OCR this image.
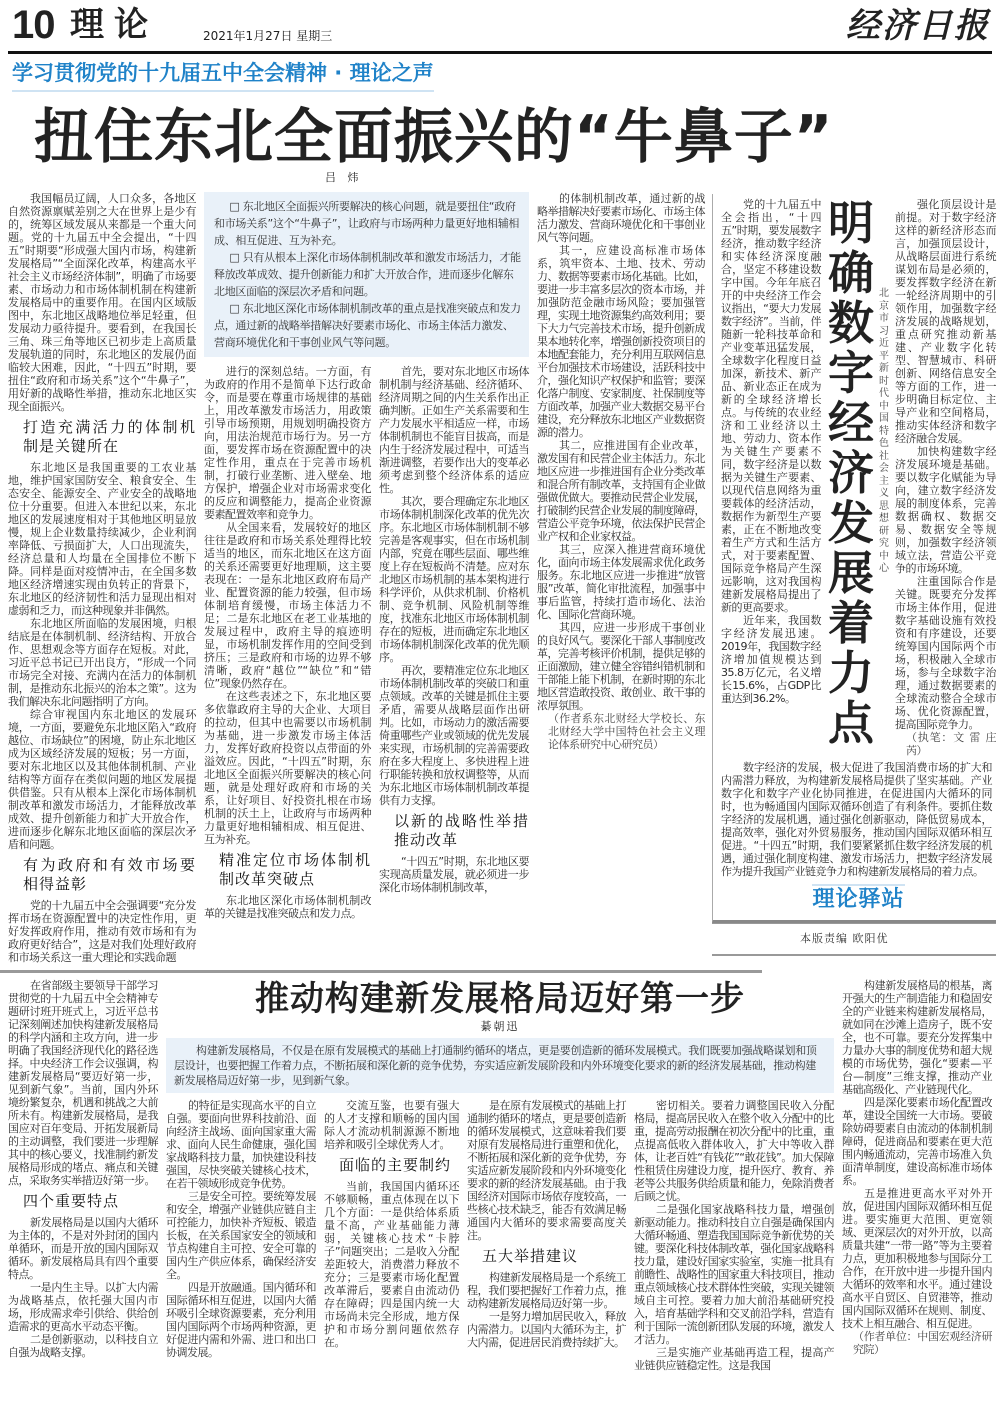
10 理论	2021年1月27日 星期三	经济日报
学习贯彻党的十九届五中全会精神 · 理论之声
扭住东北全面振兴的“牛鼻子”
吕 炜

我国幅员辽阔，人口众多，各地区自然资源禀赋差别之大在世界上是少有的，统筹区域发展从来都是一个重大问题。党的十九届五中全会提出，“十四五”时期要“形成强大国内市场，构建新发展格局”“全面深化改革，构建高水平社会主义市场经济体制”，明确了市场要素、市场动力和市场体制机制在构建新发展格局中的重要作用。在国内区域版图中，东北地区战略地位举足轻重，但发展动力亟待提升。要看到，在我国长三角、珠三角等地区已初步走上高质量发展轨道的同时，东北地区的发展仍面临较大困难，因此，“十四五”时期，要扭住“政府和市场关系”这个“牛鼻子”，用好新的战略性举措，推动东北地区实现全面振兴。

打造充满活力的体制机制是关键所在

东北地区是我国重要的工农业基地，维护国家国防安全、粮食安全、生态安全、能源安全、产业安全的战略地位十分重要。但进入本世纪以来，东北地区的发展速度相对于其他地区明显放慢，规上企业数量持续减少，企业利润率降低、亏损面扩大，人口出现流失，经济总量和人均量在全国排位不断下降。同样是面对疫情冲击，在全国多数地区经济增速实现由负转正的背景下，东北地区的经济韧性和活力显现出相对虚弱和乏力，而这种现象并非偶然。

东北地区所面临的发展困境，归根结底是在体制机制、经济结构、开放合作、思想观念等方面存在短板。对此，习近平总书记已开出良方，“形成一个同市场完全对接、充满内在活力的体制机制，是推动东北振兴的治本之策”。这为我们解决东北问题指明了方向。

综合审视国内东北地区的发展环境，一方面，要避免东北地区陷入“政府越位、市场缺位”的困境，防止东北地区成为区域经济发展的短板；另一方面，要对东北地区以及其他体制机制、产业结构等方面存在类似问题的地区发展提供借鉴。只有从根本上深化市场体制机制改革和激发市场活力，才能释放改革成效、提升创新能力和扩大开放合作，进而逐步化解东北地区面临的深层次矛盾和问题。

有为政府和有效市场要相得益彰

党的十九届五中全会强调要“充分发挥市场在资源配置中的决定性作用，更好发挥政府作用，推动有效市场和有为政府更好结合”，这是对我们处理好政府和市场关系这一重大理论和实践命题

□ 东北地区全面振兴所要解决的核心问题，就是要扭住“政府和市场关系”这个“牛鼻子”，让政府与市场两种力量更好地相辅相成、相互促进、互为补充。

□ 只有从根本上深化市场体制机制改革和激发市场活力，才能释放改革成效、提升创新能力和扩大开放合作，进而逐步化解东北地区面临的深层次矛盾和问题。

□ 东北地区深化市场体制机制改革的重点是找准突破点和发力点，通过新的战略举措解决好要素市场化、市场主体活力激发、营商环境优化和干事创业风气等问题。

进行的深刻总结。一方面，有为政府的作用不是简单下达行政命令，而是要在尊重市场规律的基础上，用改革激发市场活力，用政策引导市场预期，用规划明确投资方向，用法治规范市场行为。另一方面，要发挥市场在资源配置中的决定性作用，重点在于完善市场机制，打破行业垄断、进入壁垒、地方保护，增强企业对市场需求变化的反应和调整能力，提高企业资源要素配置效率和竞争力。

从全国来看，发展较好的地区往往是政府和市场关系处理得比较适当的地区，而东北地区在这方面的关系还需要更好地理顺，这主要表现在：一是东北地区政府布局产业、配置资源的能力较强，但市场体制培育缓慢，市场主体活力不足；二是东北地区在老工业基地的发展过程中，政府主导的痕迹明显，市场机制发挥作用的空间受到挤压；三是政府和市场的边界不够清晰，政府“越位”“缺位”和“错位”现象仍然存在。

在这些表述之下，东北地区要多依靠政府主导的大企业、大项目的拉动，但其中也需要以市场机制为基础，进一步激发市场主体活力，发挥好政府投资以点带面的外溢效应。因此，“十四五”时期，东北地区全面振兴所要解决的核心问题，就是处理好政府和市场的关系，让好项目、好投资扎根在市场机制的沃土上，让政府与市场两种力量更好地相辅相成、相互促进、互为补充。

精准定位市场体制机制改革突破点

东北地区深化市场体制机制改革的关键是找准突破点和发力点。

首先，要对东北地区市场体制机制与经济基础、经济循环、经济周期之间的内生关系作出正确判断。正如生产关系需要和生产力发展水平相适应一样，市场体制机制也不能盲目拔高，而是内生于经济发展过程中，可适当渐进调整，若要作出大的变革必须考虑到整个经济体系的适应性。

其次，要合理确定东北地区市场体制机制深化改革的优先次序。东北地区市场体制机制不够完善是客观事实，但在市场机制内部，究竟在哪些层面、哪些维度上存在短板尚不清楚。应对东北地区市场机制的基本架构进行科学评价，从供求机制、价格机制、竞争机制、风险机制等维度，找准东北地区市场体制机制存在的短板，进而确定东北地区市场体制机制深化改革的优先顺序。

再次，要精准定位东北地区市场体制机制改革的突破口和重点领域。改革的关键是抓住主要矛盾，需要从战略层面作出研判。比如，市场动力的激活需要倚重哪些产业或领域的优先发展来实现，市场机制的完善需要政府在多大程度上、多快进程上进行职能转换和放权调整等，从而为东北地区市场体制机制改革提供有力支撑。

以新的战略性举措推动改革

“十四五”时期，东北地区要实现高质量发展，就必须进一步深化市场体制机制改革，

的体制机制改革，通过新的战略举措解决好要素市场化、市场主体活力激发、营商环境优化和干事创业风气等问题。

其一，应建设高标准市场体系，筑牢资本、土地、技术、劳动力、数据等要素市场化基础。比如，要进一步丰富多层次的资本市场，并加强防范金融市场风险；要加强管理，实现土地资源集约高效利用；要下大力气完善技术市场，提升创新成果本地转化率，增强创新投资项目的本地配套能力，充分利用互联网信息平台加强技术市场建设，活跃科技中介，强化知识产权保护和监管；要深化落户制度、安家制度、社保制度等方面改革，加强产业大数据交易平台建设，充分释放东北地区产业数据资源的潜力。

其二，应推进国有企业改革，激发国有和民营企业主体活力。东北地区应进一步推进国有企业分类改革和混合所有制改革，支持国有企业做强做优做大。要推动民营企业发展，打破制约民营企业发展的制度障碍，营造公平竞争环境，依法保护民营企业产权和企业家权益。

其三，应深入推进营商环境优化，面向市场主体发展需求优化政务服务。东北地区应进一步推进“放管服”改革，简化审批流程，加强事中事后监管，持续打造市场化、法治化、国际化营商环境。

其四，应进一步形成干事创业的良好风气。要深化干部人事制度改革，完善考核评价机制，提供足够的正面激励，建立健全容错纠错机制和干部能上能下机制，在新时期的东北地区营造敢投资、敢创业、敢干事的浓厚氛围。

（作者系东北财经大学校长、东北财经大学中国特色社会主义理论体系研究中心研究员）

党的十九届五中全会指出，“十四五”时期，要发展数字经济，推动数字经济和实体经济深度融合，坚定不移建设数字中国。今年年底召开的中央经济工作会议指出，“要大力发展数字经济”。当前，伴随新一轮科技革命和产业变革迅猛发展，全球数字化程度日益加深，新技术、新产品、新业态正在成为新的全球经济增长点。与传统的农业经济和工业经济以土地、劳动力、资本作为关键生产要素不同，数字经济是以数据为关键生产要素、以现代信息网络为重要载体的经济活动，数据作为新型生产要素，正在不断地改变着生产方式和生活方式，对于要素配置、国际竞争格局产生深远影响，这对我国构建新发展格局提出了新的更高要求。

近年来，我国数字经济发展迅速。2019年，我国数字经济增加值规模达到35.8万亿元，名义增长15.6%，占GDP比重达到36.2%。

明确数字经济发展着力点
北京市习近平新时代中国特色社会主义思想研究中心

强化顶层设计是前提。对于数字经济这样的新经济形态而言，加强顶层设计，从战略层面进行系统谋划布局是必须的，要发挥数字经济在新一轮经济周期中的引领作用，加强数字经济发展的战略规划，重点研究推动新基建、产业数字化转型、智慧城市、科研创新、网络信息安全等方面的工作，进一步明确目标定位、主导产业和空间格局，推动实体经济和数字经济融合发展。

加快构建数字经济发展环境是基础。要以数字化赋能为导向，建立数字经济发展的制度体系，完善数据确权、数据交易、数据安全等规则，加强数字经济领域立法，营造公平竞争的市场环境。

注重国际合作是关键。既要充分发挥市场主体作用，促进数字基础设施有效投资和有序建设，还要统筹国内国际两个市场，积极融入全球市场，参与全球数字治理，通过数据要素的全球流动整合全球市场、优化资源配置，提高国际竞争力。

（执笔：文 雷 庄 芮）

数字经济的发展，极大促进了我国消费市场的扩大和内需潜力释放，为构建新发展格局提供了坚实基础。产业数字化和数字产业化协同推进，在促进国内大循环的同时，也为畅通国内国际双循环创造了有利条件。要抓住数字经济的发展机遇，通过强化创新驱动，降低贸易成本，提高效率，强化对外贸易服务，推动国内国际双循环相互促进。“十四五”时期，我们要紧紧抓住数字经济发展的机遇，通过强化制度构建、激发市场活力，把数字经济发展作为提升我国产业链竞争力和构建新发展格局的着力点。

理论驿站
本版责编 欧阳优

在省部级主要领导干部学习贯彻党的十九届五中全会精神专题研讨班开班式上，习近平总书记深刻阐述加快构建新发展格局的科学内涵和主攻方向，进一步明确了我国经济现代化的路径选择。中央经济工作会议强调，构建新发展格局“要迈好第一步，见到新气象”。当前，国内外环境纷繁复杂，机遇和挑战之大前所未有。构建新发展格局，是我国应对百年变局、开拓发展新局的主动调整，我们要进一步理解其中的核心要义，找准制约新发展格局形成的堵点、痛点和关键点，采取务实举措迈好第一步。

四个重要特点

新发展格局是以国内大循环为主体的，不是对外封闭的国内单循环，而是开放的国内国际双循环。新发展格局具有四个重要特点。

一是内生主导。以扩大内需为战略基点，依托强大国内市场，形成需求牵引供给、供给创造需求的更高水平动态平衡。

二是创新驱动，以科技自立自强为战略支撑。

推动构建新发展格局迈好第一步
綦朝迅

构建新发展格局，不仅是在原有发展模式的基础上打通制约循环的堵点，更是要创造新的循环发展模式。我们既要加强战略谋划和顶层设计，也要把握工作着力点，不断拓展和深化新的竞争优势，夯实适应新发展阶段和内外环境变化要求的新的经济发展基础，推动构建新发展格局迈好第一步，见到新气象。

的特征是实现高水平的自立自强。要面向世界科技前沿、面向经济主战场、面向国家重大需求、面向人民生命健康，强化国家战略科技力量，加快建设科技强国，尽快突破关键核心技术，在若干领域形成竞争优势。

三是安全可控。要统筹发展和安全，增强产业链供应链自主可控能力，加快补齐短板、锻造长板，在关系国家安全的领域和节点构建自主可控、安全可靠的国内生产供应体系，确保经济安全。

四是开放融通。国内循环和国际循环相互促进，以国内大循环吸引全球资源要素，充分利用国内国际两个市场两种资源，更好促进内需和外需、进口和出口协调发展。

交流互鉴，也要有强大的人才支撑和顺畅的国内国际人才流动机制源源不断地培养和吸引全球优秀人才。

面临的主要制约

当前，我国国内循环还不够顺畅，重点体现在以下几个方面：一是供给体系质量不高，产业基础能力薄弱，关键核心技术“卡脖子”问题突出；二是收入分配差距较大，消费潜力释放不充分；三是要素市场化配置改革滞后，要素自由流动仍存在障碍；四是国内统一大市场尚未完全形成，地方保护和市场分割问题依然存在。

是在原有发展模式的基础上打通制约循环的堵点，更是要创造新的循环发展模式，这意味着我们要对原有发展格局进行重塑和优化，不断拓展和深化新的竞争优势，夯实适应新发展阶段和内外环境变化要求的新的经济发展基础。由于我国经济对国际市场依存度较高，一些核心技术缺乏，能否有效满足畅通国内大循环的要求需要高度关注。

五大举措建议

构建新发展格局是一个系统工程，我们要把握好工作着力点，推动构建新发展格局迈好第一步。

一是努力增加居民收入，释放内需潜力。以国内大循环为主，扩大内需，促进居民消费持续扩大。

密切相关。要着力调整国民收入分配格局，提高居民收入在整个收入分配中的比重，提高劳动报酬在初次分配中的比重，重点提高低收入群体收入，扩大中等收入群体，让老百姓“有钱花”“敢花钱”。加大保障性租赁住房建设力度，提升医疗、教育、养老等公共服务供给质量和能力，免除消费者后顾之忧。

二是强化国家战略科技力量，增强创新驱动能力。推动科技自立自强是确保国内大循环畅通、塑造我国国际竞争新优势的关键。要深化科技体制改革，强化国家战略科技力量，建设好国家实验室，实施一批具有前瞻性、战略性的国家重大科技项目，推动重点领域核心技术群体性突破，实现关键领域自主可控。要着力加大前沿基础研究投入，培育基础学科和交叉前沿学科，营造有利于国际一流创新团队发展的环境，激发人才活力。

三是实施产业基础再造工程，提高产业链供应链稳定性。这是我国

构建新发展格局的根基，离开强大的生产制造能力和稳固安全的产业链来构建新发展格局，就如同在沙滩上造房子，既不安全，也不可靠。要充分发挥集中力量办大事的制度优势和超大规模的市场优势，强化“要素—平台—制度”三维支撑，推动产业基础高级化、产业链现代化。

四是深化要素市场化配置改革，建设全国统一大市场。要破除妨碍要素自由流动的体制机制障碍，促进商品和要素在更大范围内畅通流动，完善市场准入负面清单制度，建设高标准市场体系。

五是推进更高水平对外开放，促进国内国际双循环相互促进。要实施更大范围、更宽领域、更深层次的对外开放，以高质量共建“一带一路”等为主要着力点，更加积极地参与国际分工合作，在开放中进一步提升国内大循环的效率和水平。通过建设高水平自贸区、自贸港等，推动国内国际双循环在规则、制度、技术上相互融合、相互促进。

（作者单位：中国宏观经济研究院）
